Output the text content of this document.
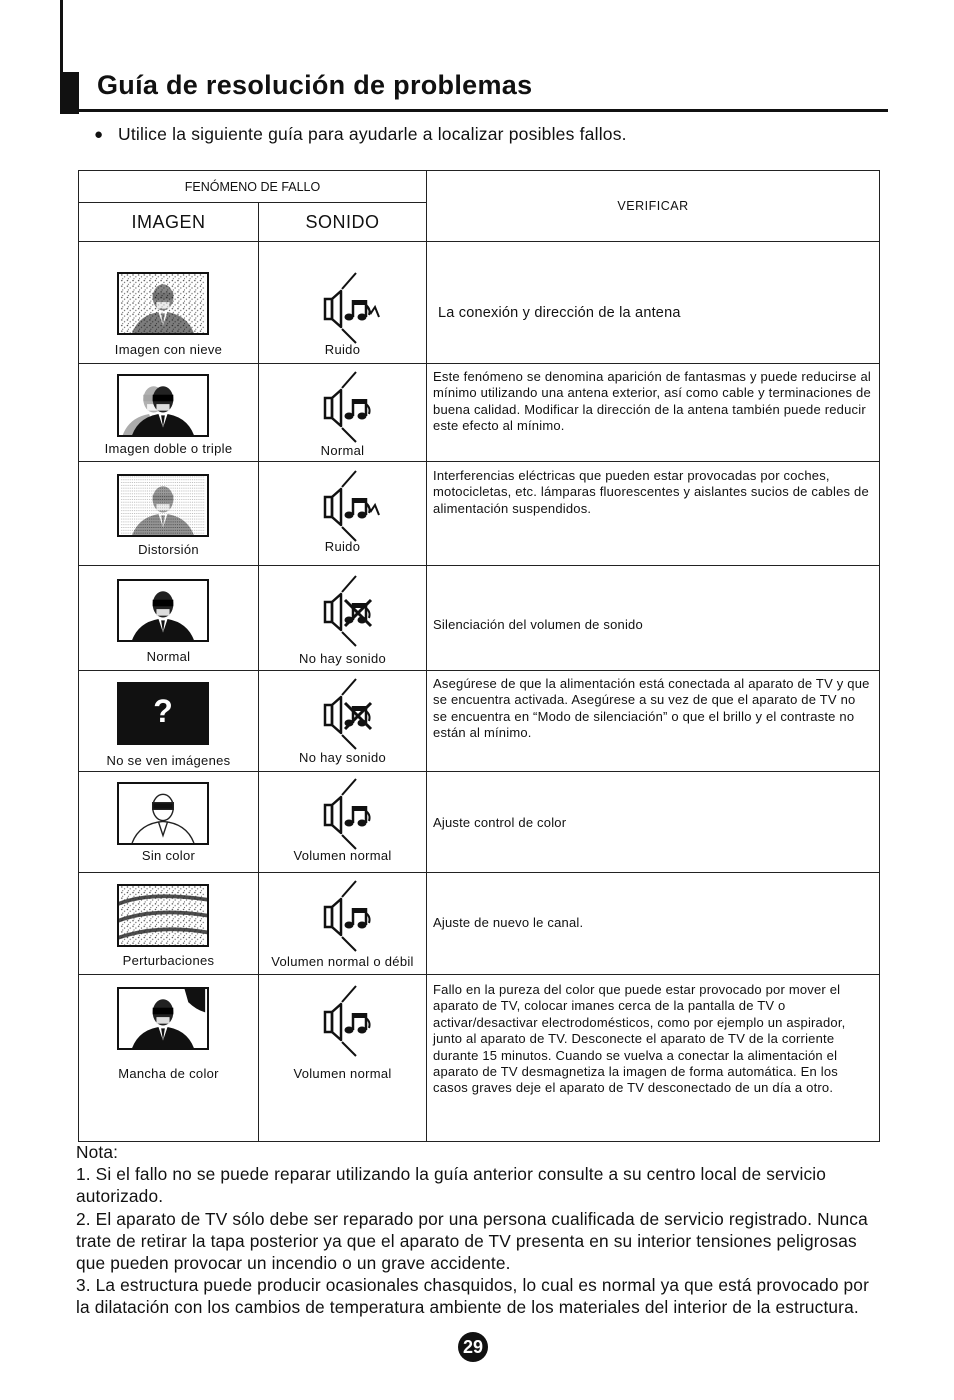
Guía de resolución de problemas
● Utilice la siguiente guía para ayudarle a localizar posibles fallos.
FENÓMENO DE FALLO		VERIFICAR
IMAGEN	SONIDO	

Imagen con nieve	Ruido	La conexión y dirección de la antena

Imagen doble o triple	Normal	Este fenómeno se denomina aparición de fantasmas y puede reducirse al mínimo utilizando una antena exterior, así como cable y terminaciones de buena calidad. Modificar la dirección de la antena también puede reducir este efecto al mínimo.

Distorsión	Ruido	Interferencias eléctricas que pueden estar provocadas por coches, motocicletas, etc. lámparas fluorescentes y aislantes sucios de cables de alimentación suspendidos.

Normal	No hay sonido	Silenciación del volumen de sonido

?
No se ven imágenes	No hay sonido	Asegúrese de que la alimentación está conectada al aparato de TV y que se encuentra activada. Asegúrese a su vez de que el aparato de TV no se encuentra en “Modo de silenciación” o que el brillo y el contraste no están al mínimo.

Sin color	Volumen normal	Ajuste control de color

Perturbaciones	Volumen normal o débil	Ajuste de nuevo le canal.

Mancha de color	Volumen normal	Fallo en la pureza del color que puede estar provocado por mover el aparato de TV, colocar imanes cerca de la pantalla de TV o activar/desactivar electrodomésticos, como por ejemplo un aspirador, junto al aparato de TV. Desconecte el aparato de TV de la corriente durante 15 minutos. Cuando se vuelva a conectar la alimentación el aparato de TV desmagnetiza la imagen de forma automática. En los casos graves deje el aparato de TV desconectado de un día a otro.

Nota:

1. Si el fallo no se puede reparar utilizando la guía anterior consulte a su centro local de servicio autorizado.

2. El aparato de TV sólo debe ser reparado por una persona cualificada de servicio registrado. Nunca trate de retirar la tapa posterior ya que el aparato de TV presenta en su interior tensiones peligrosas que pueden provocar un incendio o un grave accidente.

3. La estructura puede producir ocasionales chasquidos, lo cual es normal ya que está provocado por la dilatación con los cambios de temperatura ambiente de los materiales del interior de la estructura.

29
